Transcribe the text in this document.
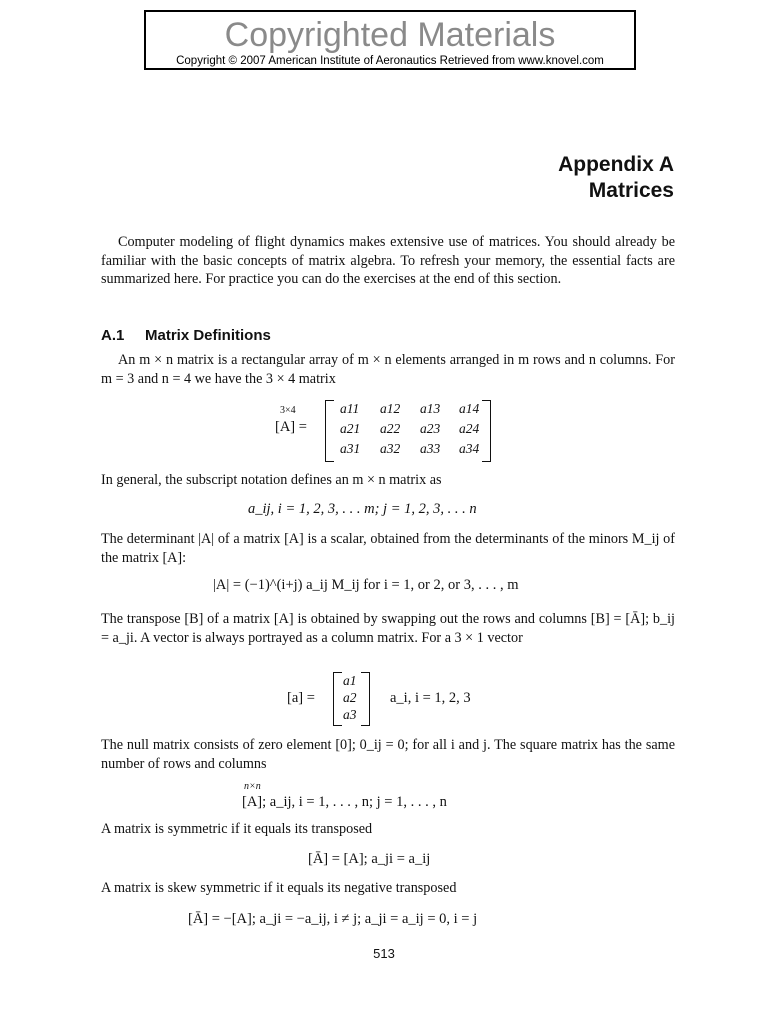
Copyrighted Materials
Copyright © 2007 American Institute of Aeronautics Retrieved from www.knovel.com
Appendix A
Matrices
Computer modeling of flight dynamics makes extensive use of matrices. You should already be familiar with the basic concepts of matrix algebra. To refresh your memory, the essential facts are summarized here. For practice you can do the exercises at the end of this section.
A.1 Matrix Definitions
An m × n matrix is a rectangular array of m × n elements arranged in m rows and n columns. For m = 3 and n = 4 we have the 3 × 4 matrix
3×4
[A] =
a11 a12 a13 a14
a21 a22 a23 a24
a31 a32 a33 a34
In general, the subscript notation defines an m × n matrix as
a_ij, i = 1, 2, 3, . . . m; j = 1, 2, 3, . . . n
The determinant |A| of a matrix [A] is a scalar, obtained from the determinants of the minors M_ij of the matrix [A]:
|A| = (−1)^(i+j) a_ij M_ij for i = 1, or 2, or 3, . . . , m
The transpose [B] of a matrix [A] is obtained by swapping out the rows and columns [B] = [Ā]; b_ij = a_ji. A vector is always portrayed as a column matrix. For a 3 × 1 vector
[a] =
a1
a2
a3
a_i, i = 1, 2, 3
The null matrix consists of zero element [0]; 0_ij = 0; for all i and j. The square matrix has the same number of rows and columns
n×n
[A]; a_ij, i = 1, . . . , n; j = 1, . . . , n
A matrix is symmetric if it equals its transposed
[Ā] = [A]; a_ji = a_ij
A matrix is skew symmetric if it equals its negative transposed
[Ā] = −[A]; a_ji = −a_ij, i ≠ j; a_ji = a_ij = 0, i = j
513
